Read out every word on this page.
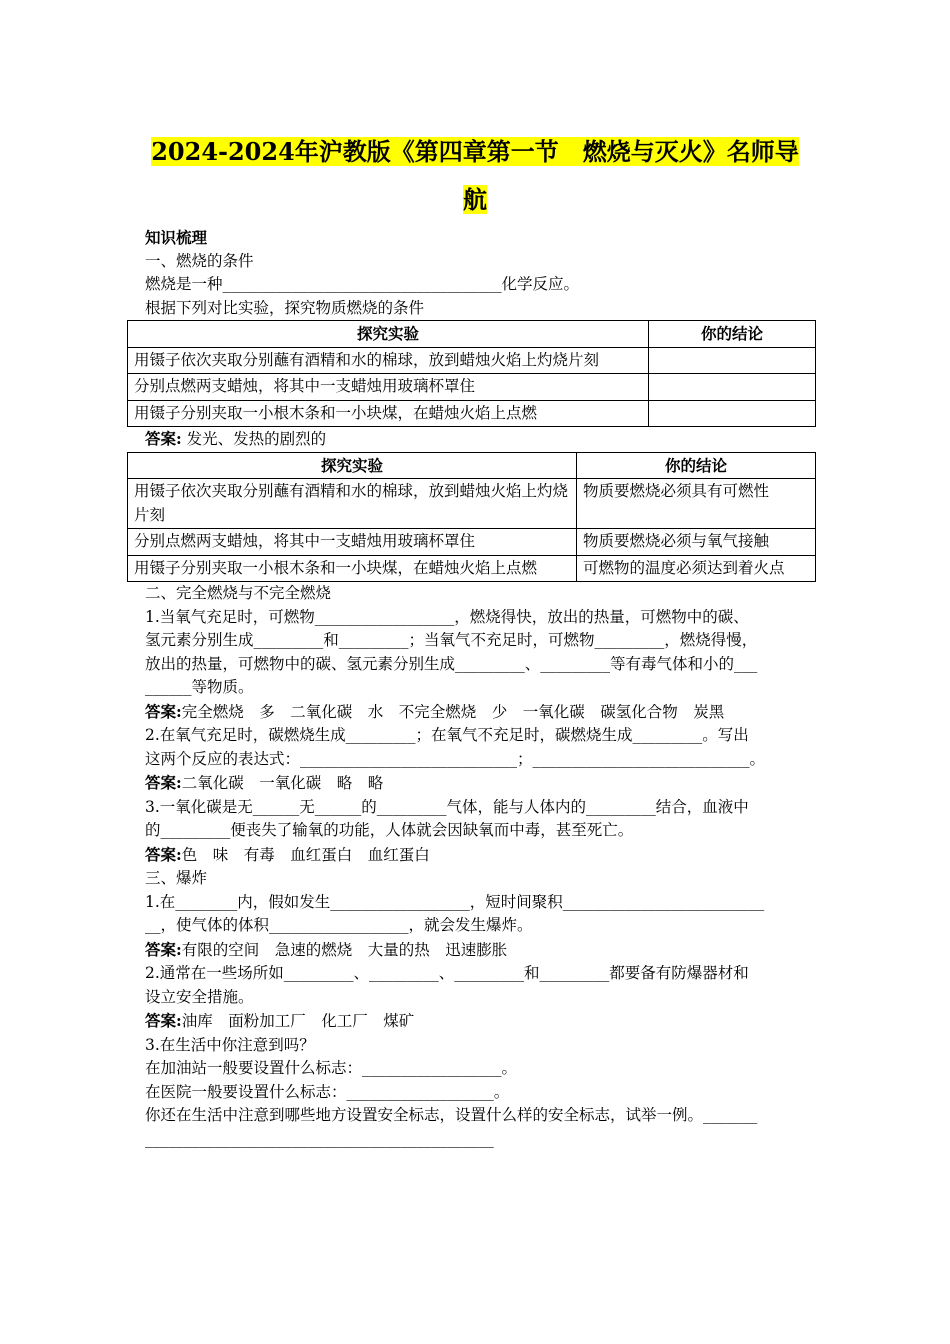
2024-2024年沪教版《第四章第一节　燃烧与灭火》名师导
航
知识梳理
一、燃烧的条件
燃烧是一种____________________________________化学反应。
根据下列对比实验，探究物质燃烧的条件
探究实验	你的结论
用镊子依次夹取分别蘸有酒精和水的棉球，放到蜡烛火焰上灼烧片刻	
分别点燃两支蜡烛，将其中一支蜡烛用玻璃杯罩住	
用镊子分别夹取一小根木条和一小块煤，在蜡烛火焰上点燃	
答案: 发光、发热的剧烈的
探究实验	你的结论
用镊子依次夹取分别蘸有酒精和水的棉球，放到蜡烛火焰上灼烧片刻	物质要燃烧必须具有可燃性
分别点燃两支蜡烛，将其中一支蜡烛用玻璃杯罩住	物质要燃烧必须与氧气接触
用镊子分别夹取一小根木条和一小块煤，在蜡烛火焰上点燃	可燃物的温度必须达到着火点
二、完全燃烧与不完全燃烧
1.当氧气充足时，可燃物__________________，燃烧得快，放出的热量，可燃物中的碳、
氢元素分别生成_________和_________；当氧气不充足时，可燃物_________，燃烧得慢，
放出的热量，可燃物中的碳、氢元素分别生成_________、_________等有毒气体和小的___
______等物质。
答案:完全燃烧　多　二氧化碳　水　不完全燃烧　少　一氧化碳　碳氢化合物　炭黑
2.在氧气充足时，碳燃烧生成_________；在氧气不充足时，碳燃烧生成_________。写出
这两个反应的表达式：____________________________；____________________________。
答案:二氧化碳　一氧化碳　略　略
3.一氧化碳是无______无______的_________气体，能与人体内的_________结合，血液中
的_________便丧失了输氧的功能，人体就会因缺氧而中毒，甚至死亡。
答案:色　味　有毒　血红蛋白　血红蛋白
三、爆炸
1.在________内，假如发生__________________，短时间聚积__________________________
__，使气体的体积__________________，就会发生爆炸。
答案:有限的空间　急速的燃烧　大量的热　迅速膨胀
2.通常在一些场所如_________、_________、_________和_________都要备有防爆器材和
设立安全措施。
答案:油库　面粉加工厂　化工厂　煤矿
3.在生活中你注意到吗？
在加油站一般要设置什么标志：__________________。
在医院一般要设置什么标志：___________________。
你还在生活中注意到哪些地方设置安全标志，设置什么样的安全标志，试举一例。_______
_____________________________________________
